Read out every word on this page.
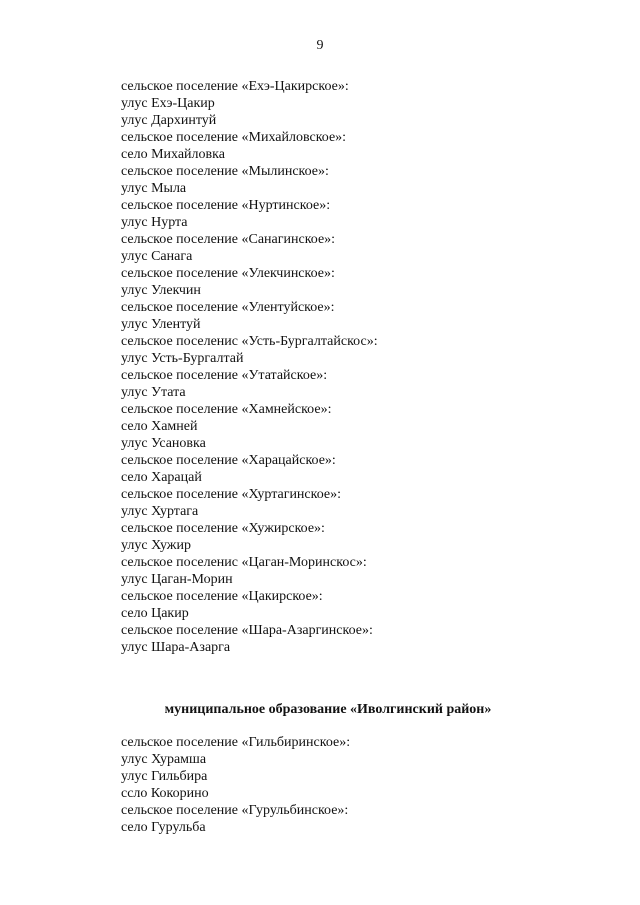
9
сельское поселение «Ехэ-Цакирское»:
улус Ехэ-Цакир
улус Дархинтуй
сельское поселение «Михайловское»:
село Михайловка
сельское поселение «Мылинское»:
улус Мыла
сельское поселение «Нуртинское»:
улус Нурта
сельское поселение «Санагинское»:
улус Санага
сельское поселение «Улекчинское»:
улус Улекчин
сельское поселение «Улентуйское»:
улус Улентуй
сельское поселенис «Усть-Бургалтайскос»:
улус Усть-Бургалтай
сельское поселение «Утатайское»:
улус Утата
сельское поселение «Хамнейское»:
село Хамней
улус Усановка
сельское поселение «Харацайское»:
село Харацай
сельское поселение «Хуртагинское»:
улус Хуртага
сельское поселение «Хужирское»:
улус Хужир
сельское поселенис «Цаган-Моринскос»:
улус Цаган-Морин
сельское поселение «Цакирское»:
село Цакир
сельское поселение «Шара-Азаргинское»:
улус Шара-Азарга
муниципальное образование «Иволгинский район»
сельское поселение «Гильбиринское»:
улус Хурамша
улус Гильбира
сслo Кокорино
сельское поселение «Гурульбинское»:
село Гурульба
